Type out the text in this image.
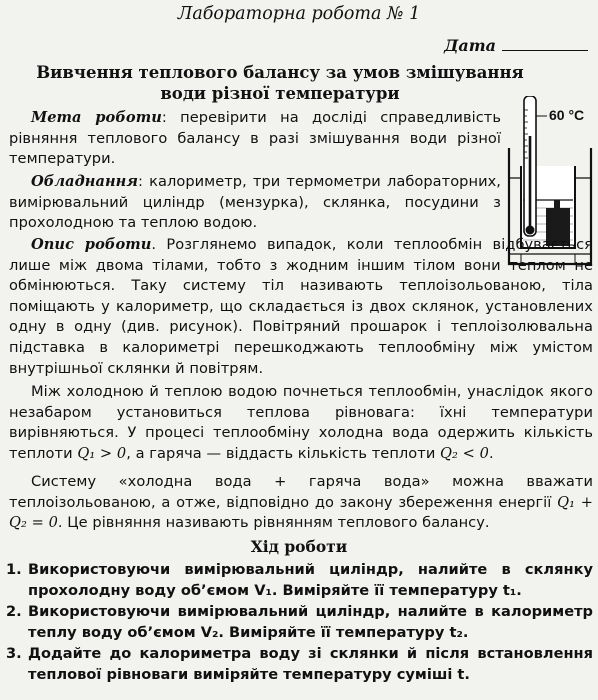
Лабораторна робота № 1
Дата
Вивчення теплового балансу за умов змішування
води різної температури
60 °C
Мета роботи: перевірити на досліді справедливість рівняння теплового балансу в разі змішування води різної температури.
Обладнання: калориметр, три термометри лабораторних, вимірювальний циліндр (мензурка), склянка, посудини з прохолодною та теплою водою.
Опис роботи. Розглянемо випадок, коли теплообмін відбувається лише між двома тілами, тобто з жодним іншим тілом вони теплом не обмінюються. Таку систему тіл називають теплоізольованою, тіла поміщають у калориметр, що складається із двох склянок, установлених одну в одну (див. рисунок). Повітряний прошарок і теплоізолювальна підставка в калориметрі перешкоджають теплообміну між умістом внутрішньої склянки й повітрям.
Між холодною й теплою водою почнеться теплообмін, унаслідок якого незабаром установиться теплова рівновага: їхні температури вирівняються. У процесі теплообміну холодна вода одержить кількість теплоти Q₁ > 0, а гаряча — віддасть кількість теплоти Q₂ < 0.
Систему «холодна вода + гаряча вода» можна вважати теплоізольованою, а отже, відповідно до закону збереження енергії Q₁ + Q₂ = 0. Це рівняння називають рівнянням теплового балансу.
Хід роботи
1. Використовуючи вимірювальний циліндр, налийте в склянку прохолодну воду об’ємом V₁. Виміряйте її температуру t₁.
2. Використовуючи вимірювальний циліндр, налийте в калориметр теплу воду об’ємом V₂. Виміряйте її температуру t₂.
3. Додайте до калориметра воду зі склянки й після встановлення теплової рівноваги виміряйте температуру суміші t.
